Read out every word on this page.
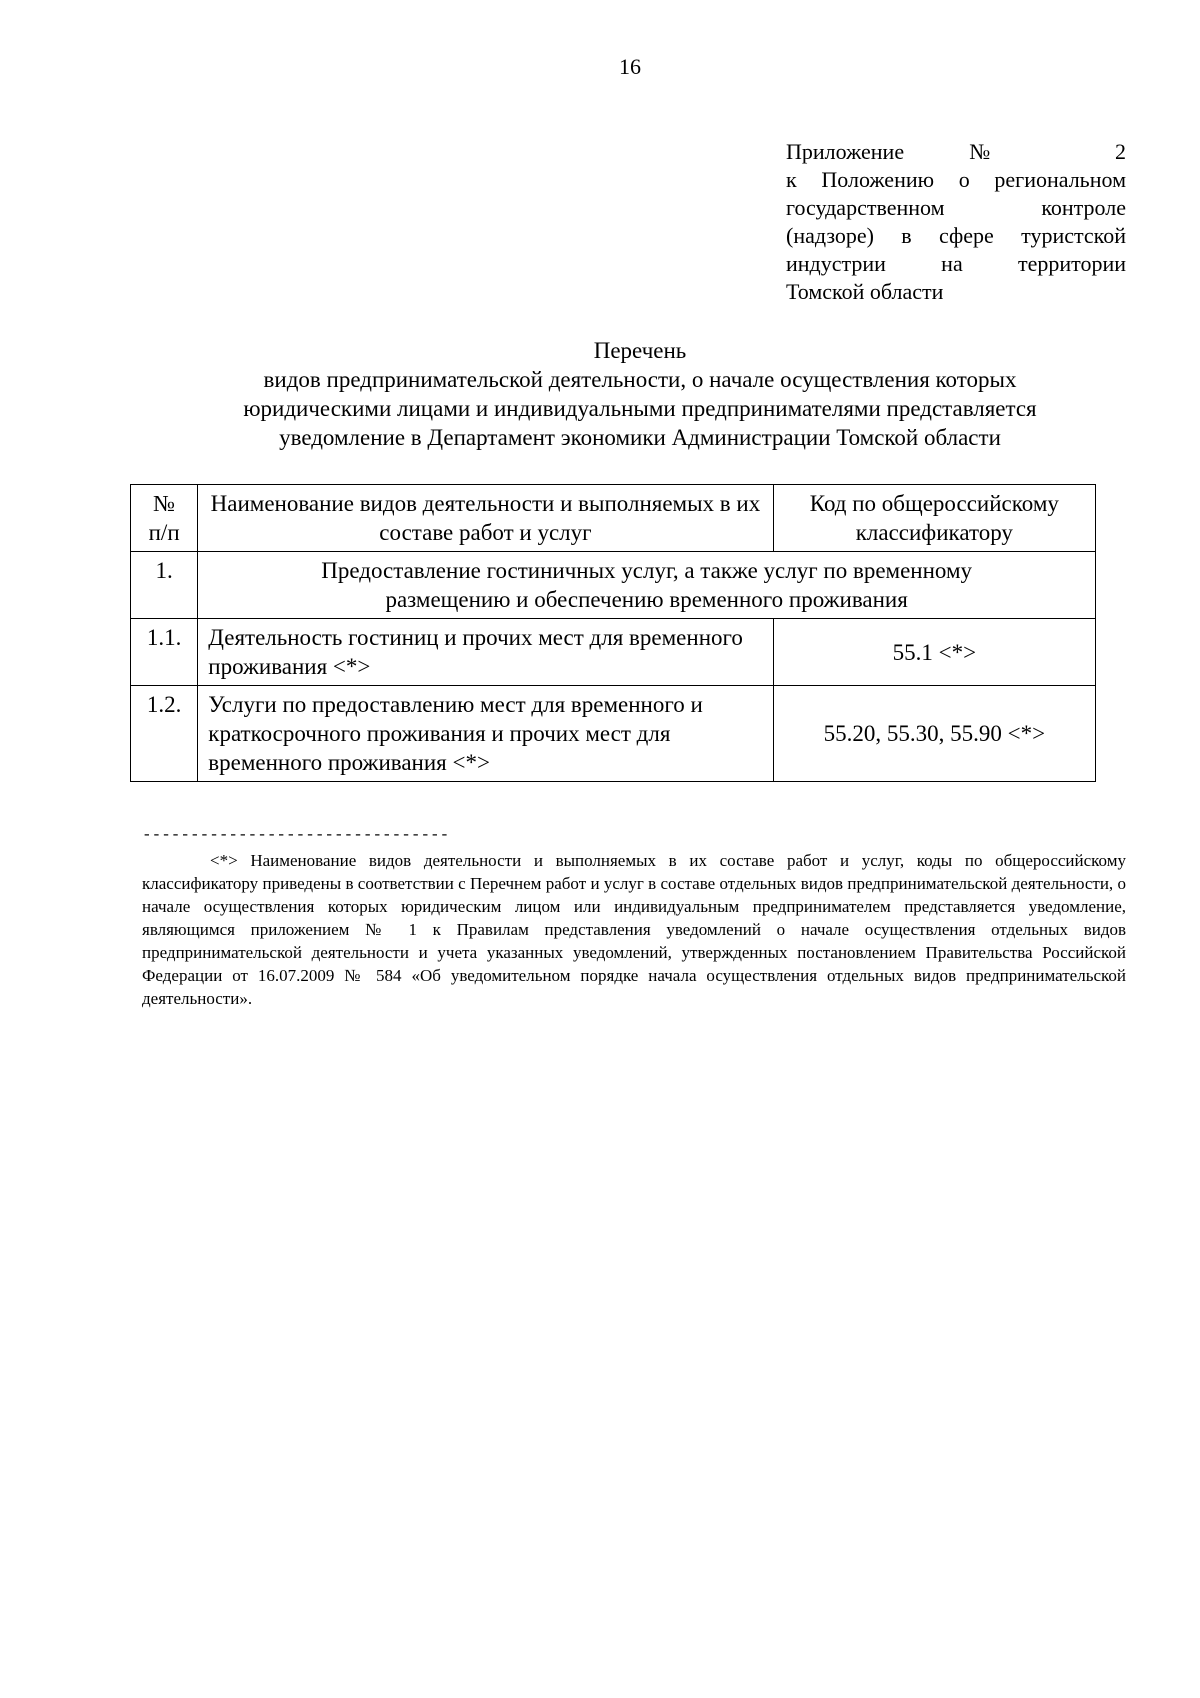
16
Приложение № 2
к Положению о региональном
государственном контроле
(надзоре) в сфере туристской
индустрии на территории
Томской области
Перечень
видов предпринимательской деятельности, о начале осуществления которых
юридическими лицами и индивидуальными предпринимателями представляется
уведомление в Департамент экономики Администрации Томской области
№ п/п	Наименование видов деятельности и выполняемых в их составе работ и услуг	Код по общероссийскому классификатору
1.	Предоставление гостиничных услуг, а также услуг по временному размещению и обеспечению временного проживания	
1.1.	Деятельность гостиниц и прочих мест для временного проживания <*>	55.1 <*>
1.2.	Услуги по предоставлению мест для временного и краткосрочного проживания и прочих мест для временного проживания <*>	55.20, 55.30, 55.90 <*>
--------------------------------
<*> Наименование видов деятельности и выполняемых в их составе работ и услуг, коды по общероссийскому классификатору приведены в соответствии с Перечнем работ и услуг в составе отдельных видов предпринимательской деятельности, о начале осуществления которых юридическим лицом или индивидуальным предпринимателем представляется уведомление, являющимся приложением № 1 к Правилам представления уведомлений о начале осуществления отдельных видов предпринимательской деятельности и учета указанных уведомлений, утвержденных постановлением Правительства Российской Федерации от 16.07.2009 № 584 «Об уведомительном порядке начала осуществления отдельных видов предпринимательской деятельности».
